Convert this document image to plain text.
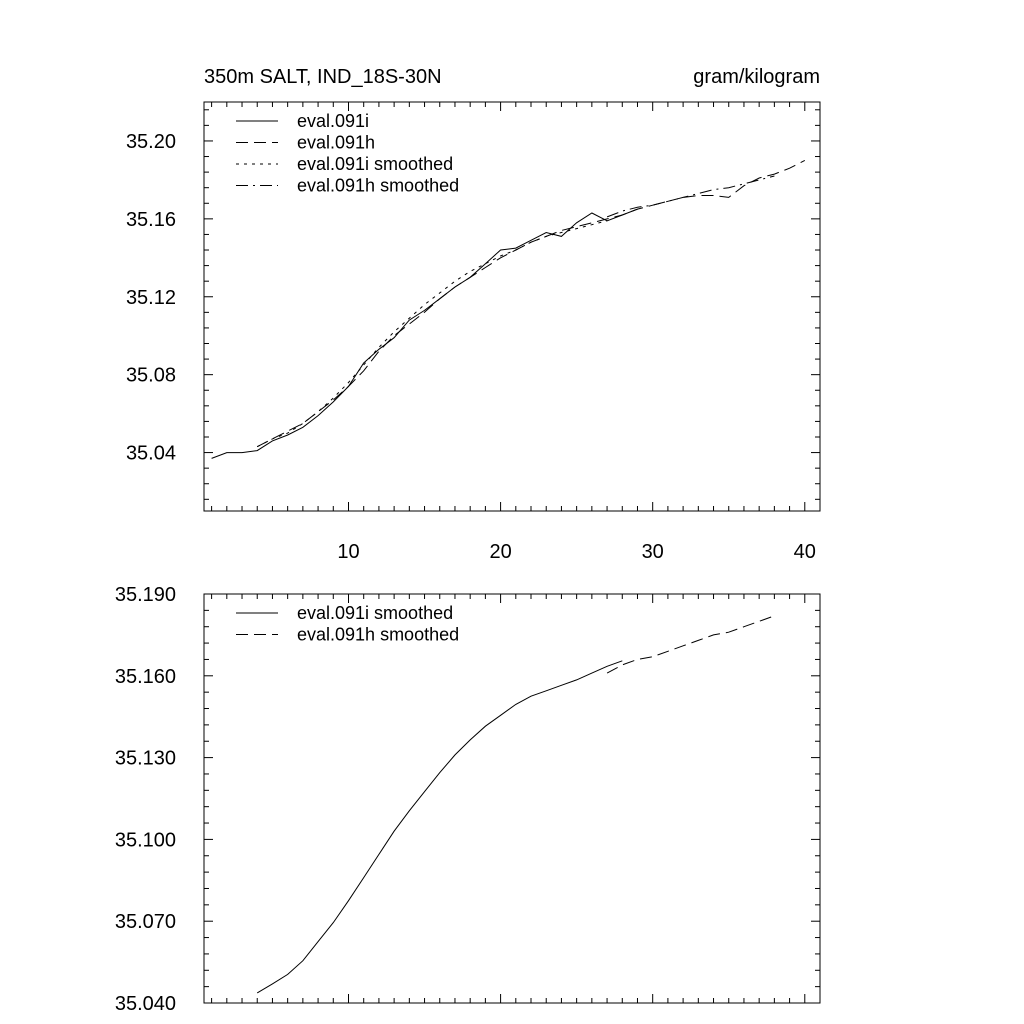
350m SALT, IND_18S-30N	gram/kilogram
10	20	30	40
35.04
35.08
35.12
35.16
35.20
eval.091i
eval.091h
eval.091i smoothed
eval.091h smoothed
35.040
35.070
35.100
35.130
35.160
35.190
eval.091i smoothed
eval.091h smoothed
